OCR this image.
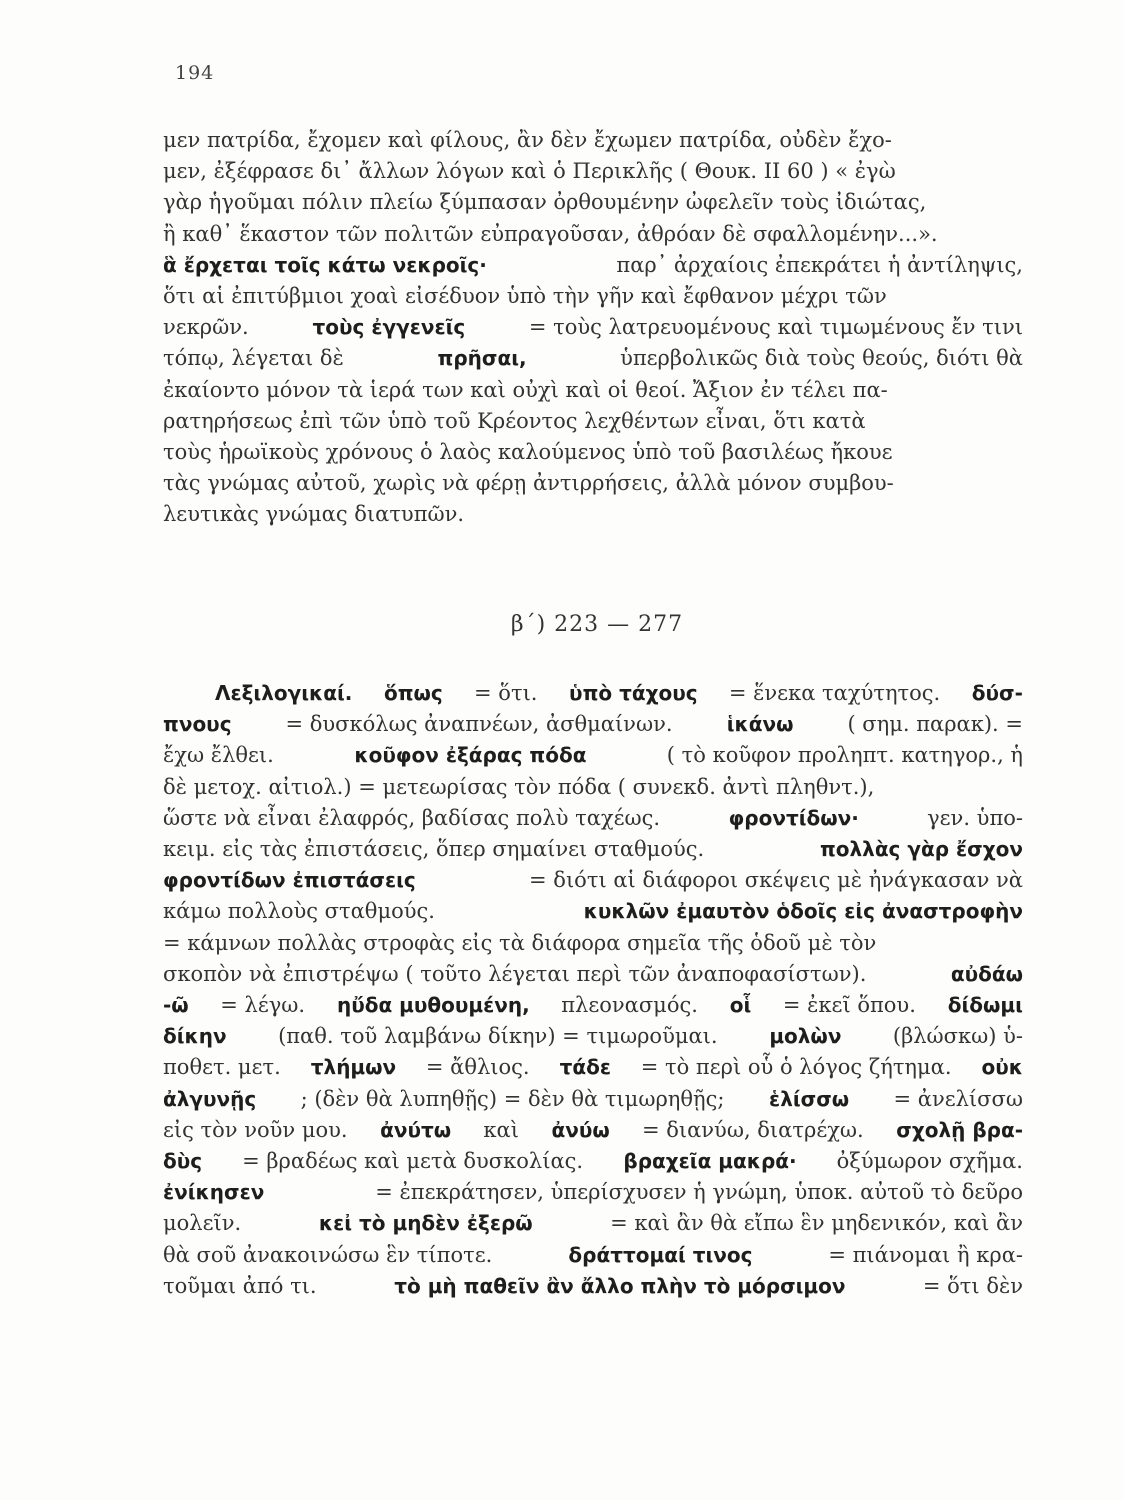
194
μεν πατρίδα, ἔχομεν καὶ φίλους, ἂν δὲν ἔχωμεν πατρίδα, οὐδὲν ἔχο-
μεν, ἐξέφρασε δι᾽ ἄλλων λόγων καὶ ὁ Περικλῆς ( Θουκ. II 60 ) « ἐγὼ
γὰρ ἡγοῦμαι πόλιν πλείω ξύμπασαν ὀρθουμένην ὠφελεῖν τοὺς ἰδιώτας,
ἢ καθ᾽ ἕκαστον τῶν πολιτῶν εὐπραγοῦσαν, ἀθρόαν δὲ σφαλλομένην...».
ἃ ἔρχεται τοῖς κάτω νεκροῖς·	παρ᾽ ἀρχαίοις ἐπεκράτει ἡ ἀντίληψις,
ὅτι αἱ ἐπιτύβμιοι χοαὶ εἰσέδυον ὑπὸ τὴν γῆν καὶ ἔφθανον μέχρι τῶν
νεκρῶν.	τοὺς ἐγγενεῖς	= τοὺς λατρευομένους καὶ τιμωμένους ἔν τινι
τόπῳ, λέγεται δὲ	πρῆσαι,	ὑπερβολικῶς διὰ τοὺς θεούς, διότι θὰ
ἐκαίοντο μόνον τὰ ἱερά των καὶ οὐχὶ καὶ οἱ θεοί. Ἄξιον ἐν τέλει πα-
ρατηρήσεως ἐπὶ τῶν ὑπὸ τοῦ Κρέοντος λεχθέντων εἶναι, ὅτι κατὰ
τοὺς ἡρωϊκοὺς χρόνους ὁ λαὸς καλούμενος ὑπὸ τοῦ βασιλέως ἤκουε
τὰς γνώμας αὐτοῦ, χωρὶς νὰ φέρῃ ἀντιρρήσεις, ἀλλὰ μόνον συμβου-
λευτικὰς γνώμας διατυπῶν.
β΄) 223 — 277
Λεξιλογικαί. ὅπως = ὅτι. ὑπὸ τάχους = ἕνεκα ταχύτητος. δύσ-
πνους = δυσκόλως ἀναπνέων, ἀσθμαίνων. ἱκάνω ( σημ. παρακ). =
ἔχω ἔλθει.	κοῦφον ἐξάρας πόδα	( τὸ κοῦφον προληπτ. κατηγορ., ἡ
δὲ μετοχ. αἰτιολ.) = μετεωρίσας τὸν πόδα ( συνεκδ. ἀντὶ πληθντ.),
ὥστε νὰ εἶναι ἐλαφρός, βαδίσας πολὺ ταχέως.	φροντίδων·	γεν. ὑπο-
κειμ. εἰς τὰς ἐπιστάσεις, ὅπερ σημαίνει σταθμούς.	πολλὰς γὰρ ἔσχον
φροντίδων ἐπιστάσεις	= διότι αἱ διάφοροι σκέψεις μὲ ἠνάγκασαν νὰ
κάμω πολλοὺς σταθμούς.	κυκλῶν ἐμαυτὸν ὁδοῖς εἰς ἀναστροφὴν
= κάμνων πολλὰς στροφὰς εἰς τὰ διάφορα σημεῖα τῆς ὁδοῦ μὲ τὸν
σκοπὸν νὰ ἐπιστρέψω ( τοῦτο λέγεται περὶ τῶν ἀναποφασίστων).	αὐδάω
-ῶ = λέγω. ηὔδα μυθουμένη, πλεονασμός. οἷ = ἐκεῖ ὅπου. δίδωμι
δίκην (παθ. τοῦ λαμβάνω δίκην) = τιμωροῦμαι. μολὼν (βλώσκω) ὑ-
ποθετ. μετ. τλήμων = ἄθλιος. τάδε = τὸ περὶ οὗ ὁ λόγος ζήτημα. οὐκ
ἀλγυνῇς ; (δὲν θὰ λυπηθῇς) = δὲν θὰ τιμωρηθῇς; ἑλίσσω = ἀνελίσσω
εἰς τὸν νοῦν μου. ἀνύτω καὶ ἀνύω = διανύω, διατρέχω. σχολῇ βρα-
δὺς = βραδέως καὶ μετὰ δυσκολίας. βραχεῖα μακρά· ὀξύμωρον σχῆμα.
ἐνίκησεν	= ἐπεκράτησεν, ὑπερίσχυσεν ἡ γνώμη, ὑποκ. αὐτοῦ τὸ δεῦρο
μολεῖν.	κεἰ τὸ μηδὲν ἐξερῶ	= καὶ ἂν θὰ εἴπω ἓν μηδενικόν, καὶ ἂν
θὰ σοῦ ἀνακοινώσω ἓν τίποτε.	δράττομαί τινος	= πιάνομαι ἢ κρα-
τοῦμαι ἀπό τι.	τὸ μὴ παθεῖν ἂν ἄλλο πλὴν τὸ μόρσιμον	= ὅτι δὲν
